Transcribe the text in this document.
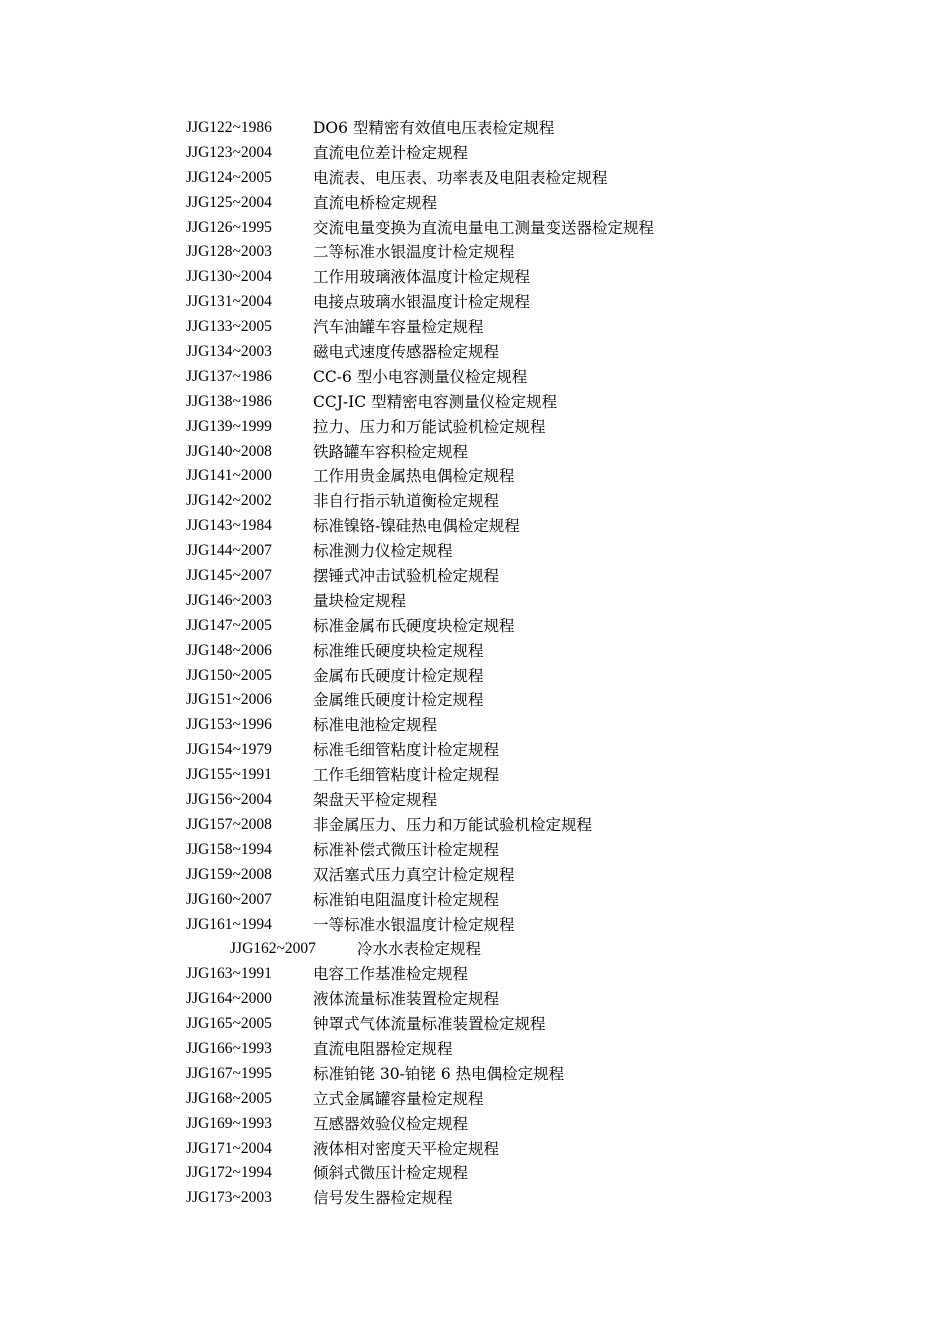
JJG122~1986	DO6 型精密有效值电压表检定规程
JJG123~2004	直流电位差计检定规程
JJG124~2005	电流表、电压表、功率表及电阻表检定规程
JJG125~2004	直流电桥检定规程
JJG126~1995	交流电量变换为直流电量电工测量变送器检定规程
JJG128~2003	二等标准水银温度计检定规程
JJG130~2004	工作用玻璃液体温度计检定规程
JJG131~2004	电接点玻璃水银温度计检定规程
JJG133~2005	汽车油罐车容量检定规程
JJG134~2003	磁电式速度传感器检定规程
JJG137~1986	CC-6 型小电容测量仪检定规程
JJG138~1986	CCJ-IC 型精密电容测量仪检定规程
JJG139~1999	拉力、压力和万能试验机检定规程
JJG140~2008	铁路罐车容积检定规程
JJG141~2000	工作用贵金属热电偶检定规程
JJG142~2002	非自行指示轨道衡检定规程
JJG143~1984	标准镍铬-镍硅热电偶检定规程
JJG144~2007	标准测力仪检定规程
JJG145~2007	摆锤式冲击试验机检定规程
JJG146~2003	量块检定规程
JJG147~2005	标准金属布氏硬度块检定规程
JJG148~2006	标准维氏硬度块检定规程
JJG150~2005	金属布氏硬度计检定规程
JJG151~2006	金属维氏硬度计检定规程
JJG153~1996	标准电池检定规程
JJG154~1979	标准毛细管粘度计检定规程
JJG155~1991	工作毛细管粘度计检定规程
JJG156~2004	架盘天平检定规程
JJG157~2008	非金属压力、压力和万能试验机检定规程
JJG158~1994	标准补偿式微压计检定规程
JJG159~2008	双活塞式压力真空计检定规程
JJG160~2007	标准铂电阻温度计检定规程
JJG161~1994	一等标准水银温度计检定规程
JJG162~2007	冷水水表检定规程
JJG163~1991	电容工作基准检定规程
JJG164~2000	液体流量标准装置检定规程
JJG165~2005	钟罩式气体流量标准装置检定规程
JJG166~1993	直流电阻器检定规程
JJG167~1995	标准铂铑 30-铂铑 6 热电偶检定规程
JJG168~2005	立式金属罐容量检定规程
JJG169~1993	互感器效验仪检定规程
JJG171~2004	液体相对密度天平检定规程
JJG172~1994	倾斜式微压计检定规程
JJG173~2003	信号发生器检定规程
